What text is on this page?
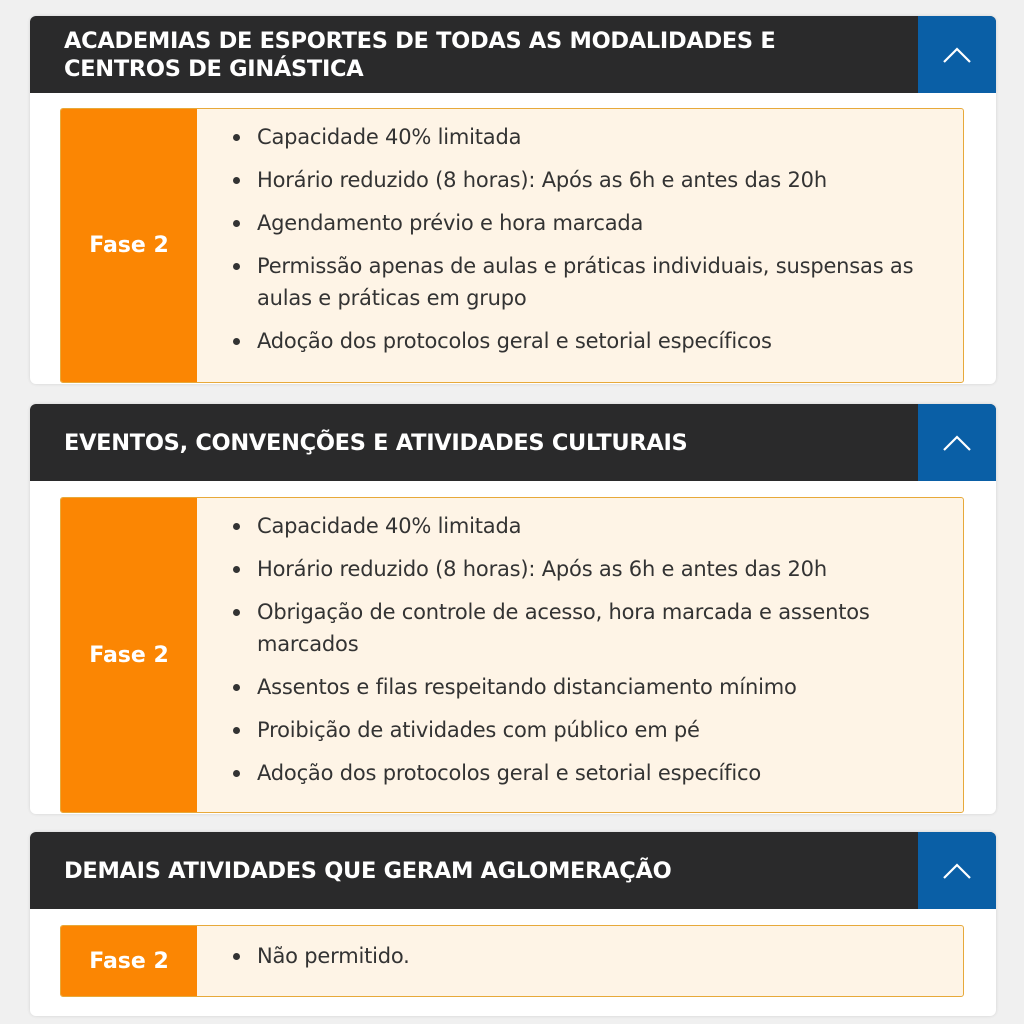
ACADEMIAS DE ESPORTES DE TODAS AS MODALIDADES E CENTROS DE GINÁSTICA
Fase 2
Capacidade 40% limitada
Horário reduzido (8 horas): Após as 6h e antes das 20h
Agendamento prévio e hora marcada
Permissão apenas de aulas e práticas individuais, suspensas as aulas e práticas em grupo
Adoção dos protocolos geral e setorial específicos
EVENTOS, CONVENÇÕES E ATIVIDADES CULTURAIS
Fase 2
Capacidade 40% limitada
Horário reduzido (8 horas): Após as 6h e antes das 20h
Obrigação de controle de acesso, hora marcada e assentos marcados
Assentos e filas respeitando distanciamento mínimo
Proibição de atividades com público em pé
Adoção dos protocolos geral e setorial específico
DEMAIS ATIVIDADES QUE GERAM AGLOMERAÇÃO
Fase 2	Não permitido.
